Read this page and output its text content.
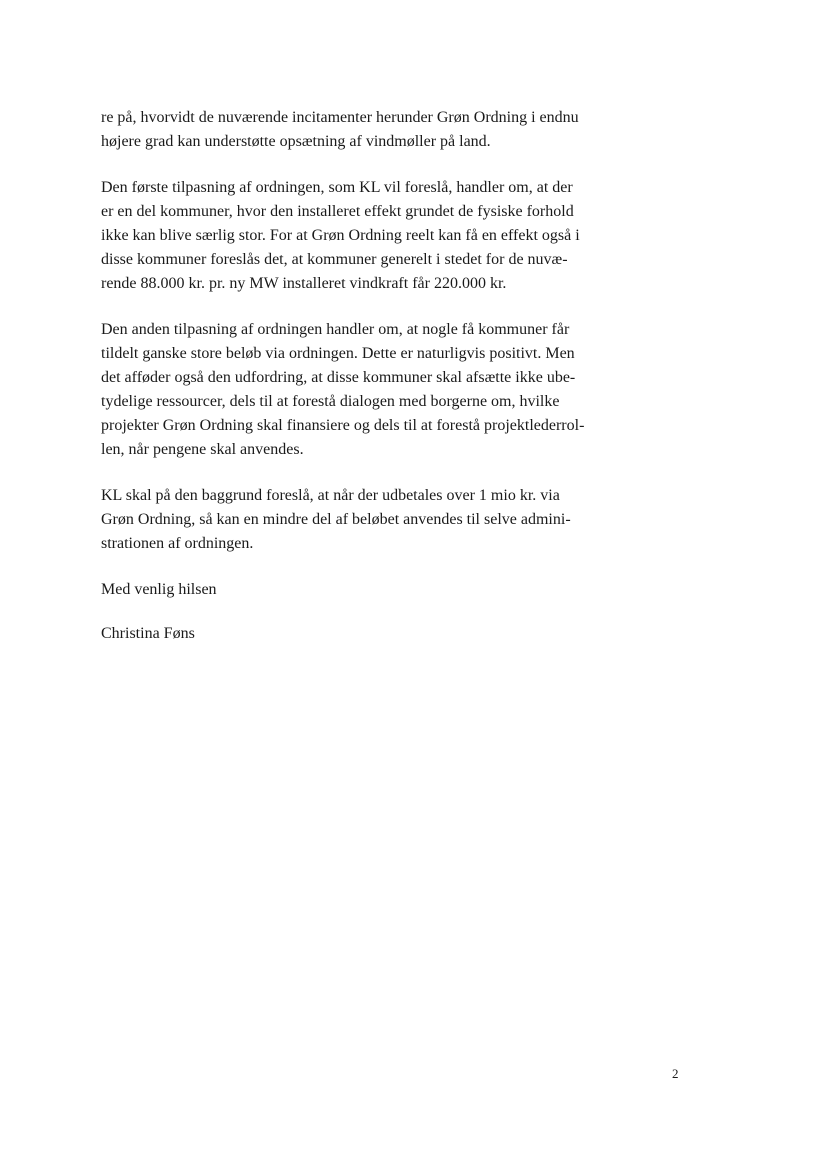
re på, hvorvidt de nuværende incitamenter herunder Grøn Ordning i endnu
højere grad kan understøtte opsætning af vindmøller på land.

Den første tilpasning af ordningen, som KL vil foreslå, handler om, at der
er en del kommuner, hvor den installeret effekt grundet de fysiske forhold
ikke kan blive særlig stor. For at Grøn Ordning reelt kan få en effekt også i
disse kommuner foreslås det, at kommuner generelt i stedet for de nuvæ-
rende 88.000 kr. pr. ny MW installeret vindkraft får 220.000 kr.

Den anden tilpasning af ordningen handler om, at nogle få kommuner får
tildelt ganske store beløb via ordningen. Dette er naturligvis positivt. Men
det afføder også den udfordring, at disse kommuner skal afsætte ikke ube-
tydelige ressourcer, dels til at forestå dialogen med borgerne om, hvilke
projekter Grøn Ordning skal finansiere og dels til at forestå projektlederrol-
len, når pengene skal anvendes.

KL skal på den baggrund foreslå, at når der udbetales over 1 mio kr. via
Grøn Ordning, så kan en mindre del af beløbet anvendes til selve admini-
strationen af ordningen.

Med venlig hilsen

Christina Føns

2
